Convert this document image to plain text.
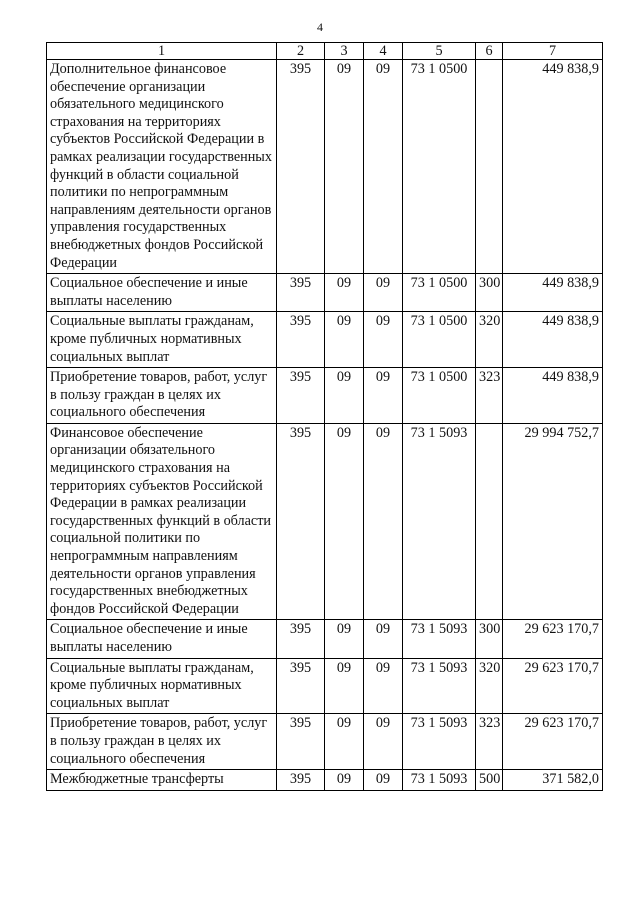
4
1	2	3	4	5	6	7
Дополнительное финансовое обеспечение организации обязательного медицинского страхования на территориях субъектов Российской Федерации в рамках реализации государственных функций в области социальной политики по непрограммным направлениям деятельности органов управления государственных внебюджетных фондов Российской Федерации	395	09	09	73 1 0500		449 838,9
Социальное обеспечение и иные выплаты населению	395	09	09	73 1 0500	300	449 838,9
Социальные выплаты гражданам, кроме публичных нормативных социальных выплат	395	09	09	73 1 0500	320	449 838,9
Приобретение товаров, работ, услуг в пользу граждан в целях их социального обеспечения	395	09	09	73 1 0500	323	449 838,9
Финансовое обеспечение организации обязательного медицинского страхования на территориях субъектов Российской Федерации в рамках реализации государственных функций в области социальной политики по непрограммным направлениям деятельности органов управления государственных внебюджетных фондов Российской Федерации	395	09	09	73 1 5093		29 994 752,7
Социальное обеспечение и иные выплаты населению	395	09	09	73 1 5093	300	29 623 170,7
Социальные выплаты гражданам, кроме публичных нормативных социальных выплат	395	09	09	73 1 5093	320	29 623 170,7
Приобретение товаров, работ, услуг в пользу граждан в целях их социального обеспечения	395	09	09	73 1 5093	323	29 623 170,7
Межбюджетные трансферты	395	09	09	73 1 5093	500	371 582,0
